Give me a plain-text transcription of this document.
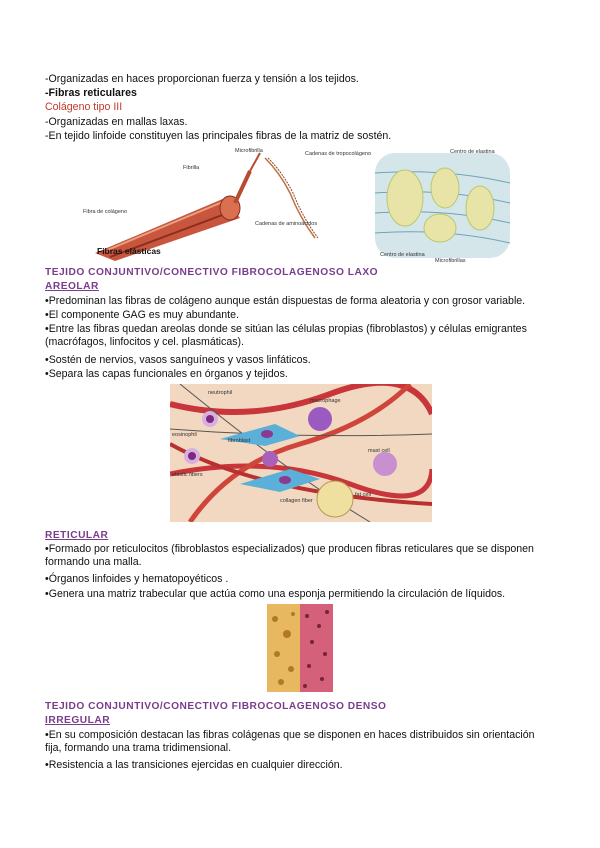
-Organizadas en haces proporcionan fuerza y tensión a los tejidos.
-Fibras reticulares
Colágeno tipo III
-Organizadas en mallas laxas.
-En tejido linfoide constituyen las principales fibras de la matriz de sostén.
Microfibrilla
Fibrilla
Cadenas de tropocolágeno
Fibra de colágeno
Cadenas de aminoácidos
Fibras elásticas
Centro de elastina
Centro de elastina
Microfibrillas
TEJIDO CONJUNTIVO/CONECTIVO FIBROCOLAGENOSO LAXO
AREOLAR
•Predominan las fibras de colágeno aunque están dispuestas de forma aleatoria y con grosor variable.
•El componente GAG es muy abundante.
•Entre las fibras quedan areolas donde se sitúan las células propias (fibroblastos) y células emigrantes (macrófagos, linfocitos y cel. plasmáticas).
•Sostén de nervios, vasos sanguíneos y vasos linfáticos.
•Separa las capas funcionales en órganos y tejidos.
neutrophil
macrophage
eosinophil
fibroblast
mast cell
elastic fibers
collagen fiber
fat cell
RETICULAR
•Formado por reticulocitos (fibroblastos especializados) que producen fibras reticulares que se disponen formando una malla.
•Órganos linfoides y hematopoyéticos .
•Genera una matriz trabecular que actúa como una esponja permitiendo la circulación de líquidos.
TEJIDO CONJUNTIVO/CONECTIVO FIBROCOLAGENOSO DENSO
IRREGULAR
•En su composición destacan las fibras colágenas que se disponen en haces distribuidos sin orientación fija, formando una trama tridimensional.
•Resistencia a las transiciones ejercidas en cualquier dirección.
